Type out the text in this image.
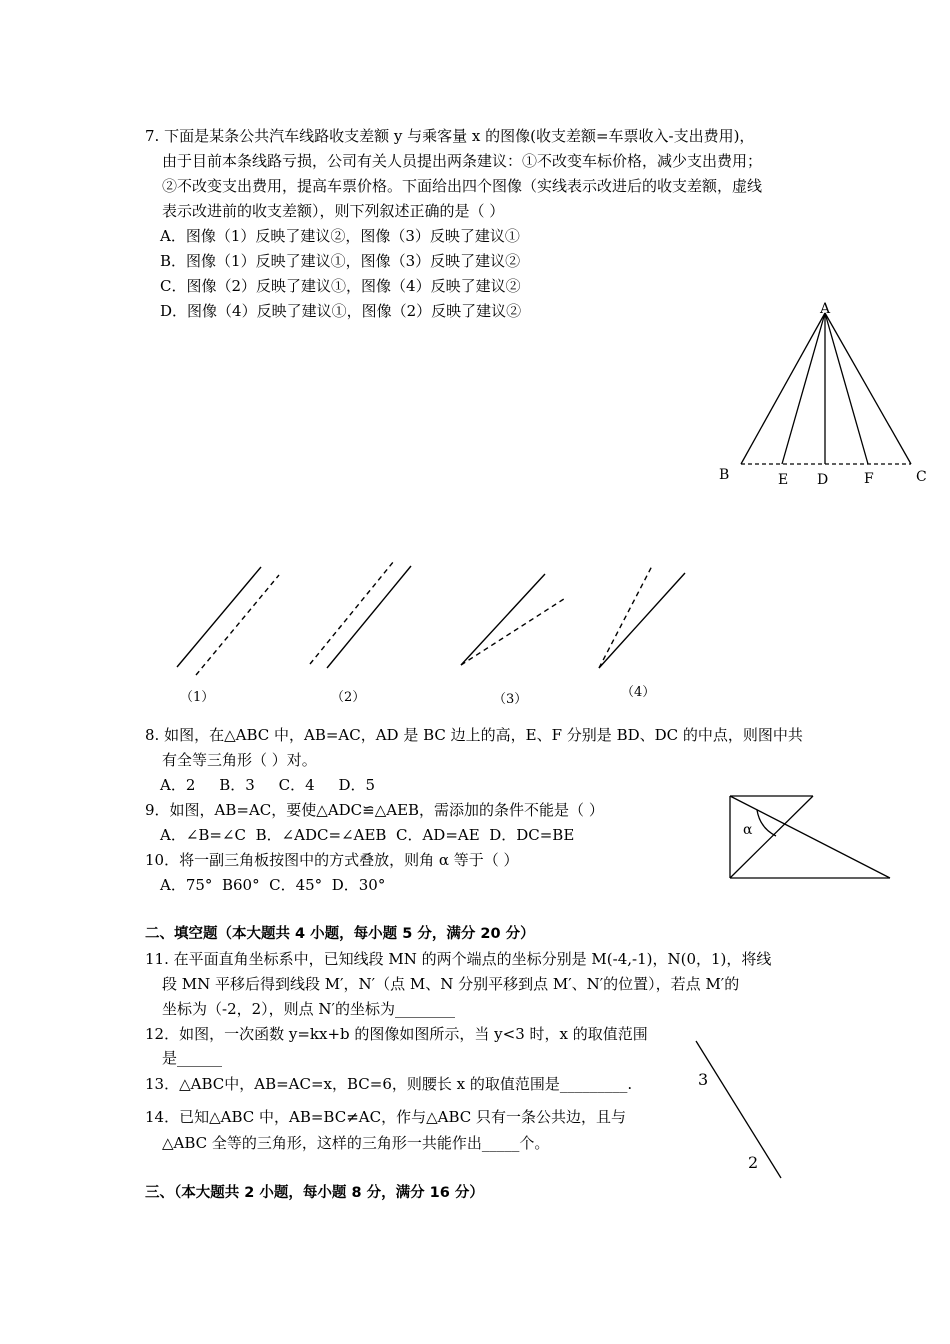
7. 下面是某条公共汽车线路收支差额 y 与乘客量 x 的图像(收支差额=车票收入-支出费用)，
由于目前本条线路亏损，公司有关人员提出两条建议：①不改变车标价格，减少支出费用；
②不改变支出费用，提高车票价格。下面给出四个图像（实线表示改进后的收支差额，虚线
表示改进前的收支差额），则下列叙述正确的是（ ）
A．图像（1）反映了建议②，图像（3）反映了建议①
B．图像（1）反映了建议①，图像（3）反映了建议②
C．图像（2）反映了建议①，图像（4）反映了建议②
D．图像（4）反映了建议①，图像（2）反映了建议②	A
B	E D	F	C
（1）	（2）	（3）	（4）
α
3
2
8. 如图，在△ABC 中，AB=AC，AD 是 BC 边上的高，E、F 分别是 BD、DC 的中点，则图中共
有全等三角形（ ）对。
A．2     B．3     C．4     D．5
9．如图，AB=AC，要使△ADC≌△AEB，需添加的条件不能是（ ）
A．∠B=∠C  B．∠ADC=∠AEB  C．AD=AE  D．DC=BE
10．将一副三角板按图中的方式叠放，则角 α 等于（ ）
A．75°  B60°  C．45°  D．30°
二、填空题（本大题共 4 小题，每小题 5 分，满分 20 分）
11. 在平面直角坐标系中，已知线段 MN 的两个端点的坐标分别是 M(-4,-1)，N(0，1)，将线
段 MN 平移后得到线段 M′，N′（点 M、N 分别平移到点 M′、N′的位置），若点 M′的
坐标为（-2，2），则点 N′的坐标为________
12．如图，一次函数 y=kx+b 的图像如图所示，当 y<3 时，x 的取值范围
是______
13．△ABC中，AB=AC=x，BC=6，则腰长 x 的取值范围是_________.
14．已知△ABC 中，AB=BC≠AC，作与△ABC 只有一条公共边，且与
△ABC 全等的三角形，这样的三角形一共能作出_____个。
三、（本大题共 2 小题，每小题 8 分，满分 16 分）
